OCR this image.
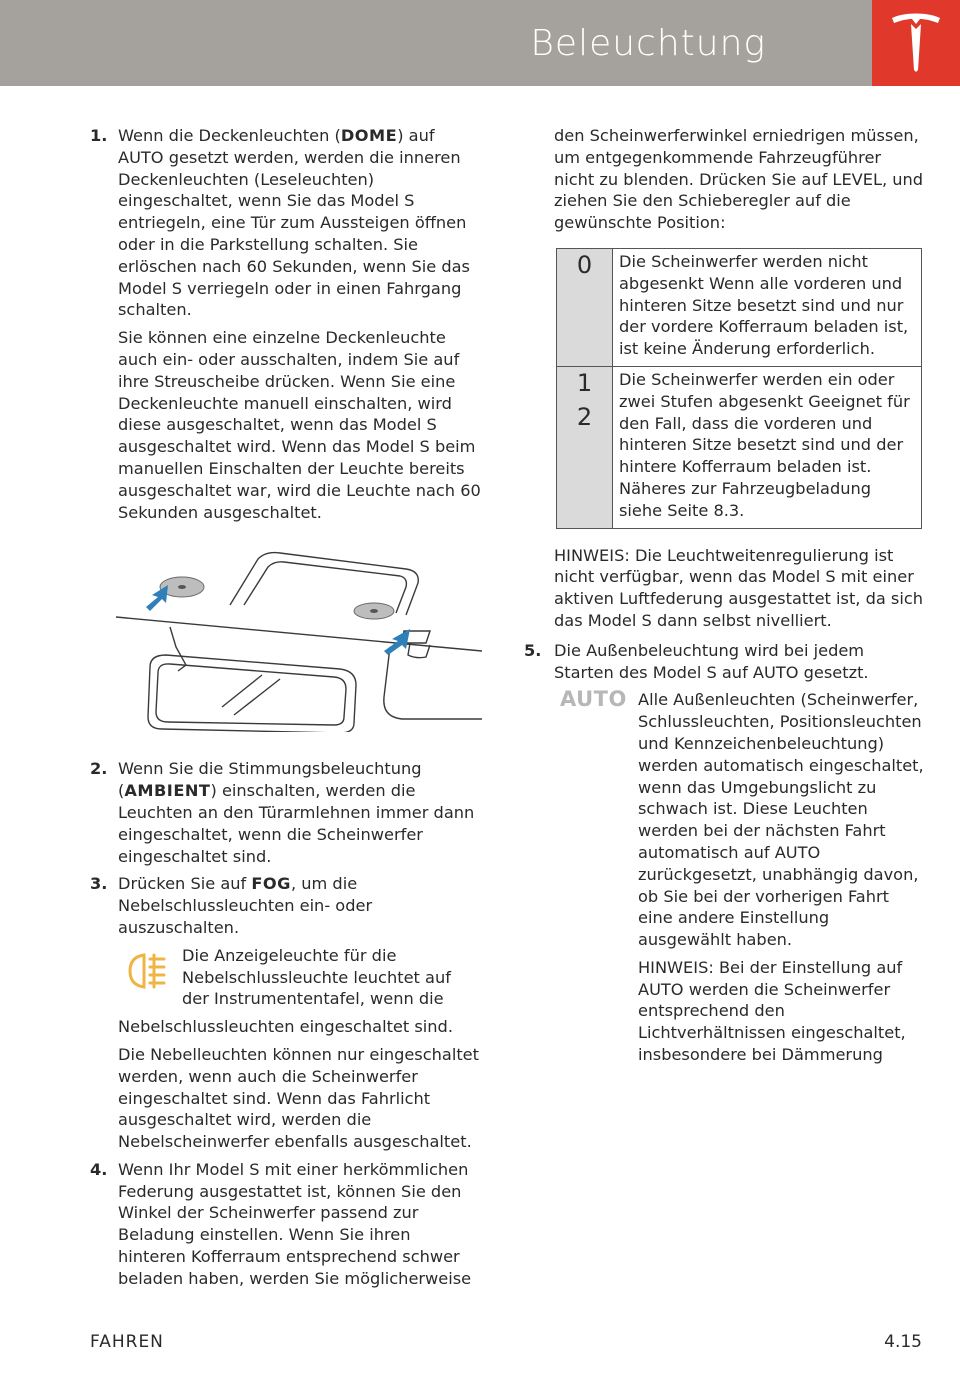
Beleuchtung
1. Wenn die Deckenleuchten (DOME) auf AUTO gesetzt werden, werden die inneren Deckenleuchten (Leseleuchten) eingeschaltet, wenn Sie das Model S entriegeln, eine Tür zum Aussteigen öffnen oder in die Parkstellung schalten. Sie erlöschen nach 60 Sekunden, wenn Sie das Model S verriegeln oder in einen Fahrgang schalten.

Sie können eine einzelne Deckenleuchte auch ein- oder ausschalten, indem Sie auf ihre Streuscheibe drücken. Wenn Sie eine Deckenleuchte manuell einschalten, wird diese ausgeschaltet, wenn das Model S ausgeschaltet wird. Wenn das Model S beim manuellen Einschalten der Leuchte bereits ausgeschaltet war, wird die Leuchte nach 60 Sekunden ausgeschaltet.

2. Wenn Sie die Stimmungsbeleuchtung (AMBIENT) einschalten, werden die Leuchten an den Türarmlehnen immer dann eingeschaltet, wenn die Scheinwerfer eingeschaltet sind.

3. Drücken Sie auf FOG, um die Nebelschlussleuchten ein- oder auszuschalten.

Die Anzeigeleuchte für die Nebelschlussleuchte leuchtet auf der Instrumententafel, wenn die

Nebelschlussleuchten eingeschaltet sind.

Die Nebelleuchten können nur eingeschaltet werden, wenn auch die Scheinwerfer eingeschaltet sind. Wenn das Fahrlicht ausgeschaltet wird, werden die Nebelscheinwerfer ebenfalls ausgeschaltet.

4. Wenn Ihr Model S mit einer herkömmlichen Federung ausgestattet ist, können Sie den Winkel der Scheinwerfer passend zur Beladung einstellen. Wenn Sie ihren hinteren Kofferraum entsprechend schwer beladen haben, werden Sie möglicherweise

den Scheinwerferwinkel erniedrigen müssen, um entgegenkommende Fahrzeugführer nicht zu blenden. Drücken Sie auf LEVEL, und ziehen Sie den Schieberegler auf die gewünschte Position:

0	Die Scheinwerfer werden nicht abgesenkt Wenn alle vorderen und hinteren Sitze besetzt sind und nur der vordere Kofferraum beladen ist, ist keine Änderung erforderlich.

1
2	Die Scheinwerfer werden ein oder zwei Stufen abgesenkt Geeignet für den Fall, dass die vorderen und hinteren Sitze besetzt sind und der hintere Kofferraum beladen ist. Näheres zur Fahrzeugbeladung siehe Seite 8.3.

HINWEIS: Die Leuchtweitenregulierung ist nicht verfügbar, wenn das Model S mit einer aktiven Luftfederung ausgestattet ist, da sich das Model S dann selbst nivelliert.

5. Die Außenbeleuchtung wird bei jedem Starten des Model S auf AUTO gesetzt.

AUTO Alle Außenleuchten (Scheinwerfer, Schlussleuchten, Positionsleuchten und Kennzeichenbeleuchtung) werden automatisch eingeschaltet, wenn das Umgebungslicht zu schwach ist. Diese Leuchten werden bei der nächsten Fahrt automatisch auf AUTO zurückgesetzt, unabhängig davon, ob Sie bei der vorherigen Fahrt eine andere Einstellung ausgewählt haben.

HINWEIS: Bei der Einstellung auf AUTO werden die Scheinwerfer entsprechend den Lichtverhältnissen eingeschaltet, insbesondere bei Dämmerung

FAHREN	4.15
